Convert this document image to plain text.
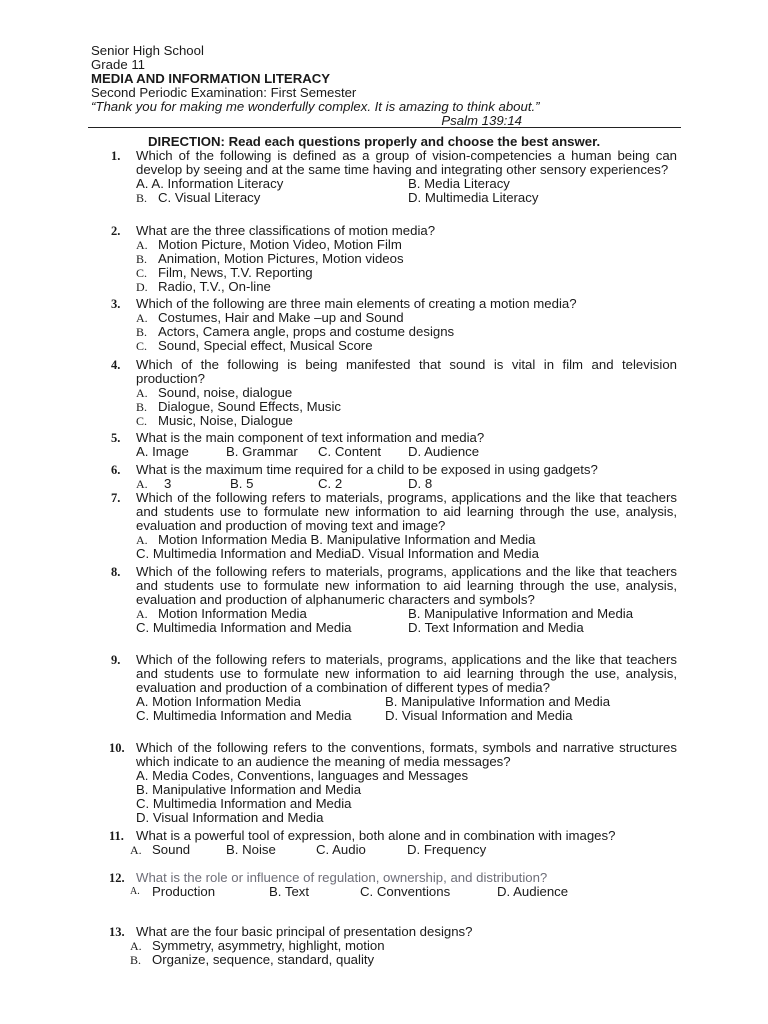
Senior High School
Grade 11
MEDIA AND INFORMATION LITERACY
Second Periodic Examination: First Semester
“Thank you for making me wonderfully complex. It is amazing to think about.”
Psalm 139:14
DIRECTION: Read each questions properly and choose the best answer.
1. Which of the following is defined as a group of vision-competencies a human being can develop by seeing and at the same time having and integrating other sensory experiences?
A. A. Information Literacy	B. Media Literacy
B. C. Visual Literacy	D. Multimedia Literacy
2. What are the three classifications of motion media?
A. Motion Picture, Motion Video, Motion Film
B. Animation, Motion Pictures, Motion videos
C. Film, News, T.V. Reporting
D. Radio, T.V., On-line
3. Which of the following are three main elements of creating a motion media?
A. Costumes, Hair and Make –up and Sound
B. Actors, Camera angle, props and costume designs
C. Sound, Special effect, Musical Score
4. Which of the following is being manifested that sound is vital in film and television production?
A. Sound, noise, dialogue
B. Dialogue, Sound Effects, Music
C. Music, Noise, Dialogue
5. What is the main component of text information and media?
A. Image	B. Grammar C. Content D. Audience
6. What is the maximum time required for a child to be exposed in using gadgets?
A. 3	B. 5	C. 2	D. 8
7. Which of the following refers to materials, programs, applications and the like that teachers and students use to formulate new information to aid learning through the use, analysis, evaluation and production of moving text and image?
A. Motion Information Media B. Manipulative Information and Media
C. Multimedia Information and MediaD. Visual Information and Media
8. Which of the following refers to materials, programs, applications and the like that teachers and students use to formulate new information to aid learning through the use, analysis, evaluation and production of alphanumeric characters and symbols?
A. Motion Information Media	B. Manipulative Information and Media
C. Multimedia Information and Media	D. Text Information and Media
9. Which of the following refers to materials, programs, applications and the like that teachers and students use to formulate new information to aid learning through the use, analysis, evaluation and production of a combination of different types of media?
A. Motion Information Media	B. Manipulative Information and Media
C. Multimedia Information and Media	D. Visual Information and Media
10. Which of the following refers to the conventions, formats, symbols and narrative structures which indicate to an audience the meaning of media messages?
A. Media Codes, Conventions, languages and Messages
B. Manipulative Information and Media
C. Multimedia Information and Media
D. Visual Information and Media
11. What is a powerful tool of expression, both alone and in combination with images?
A. Sound	B. Noise	C. Audio	D. Frequency
12. What is the role or influence of regulation, ownership, and distribution?
A. Production	B. Text	C. Conventions	D. Audience
13. What are the four basic principal of presentation designs?
A. Symmetry, asymmetry, highlight, motion
B. Organize, sequence, standard, quality
